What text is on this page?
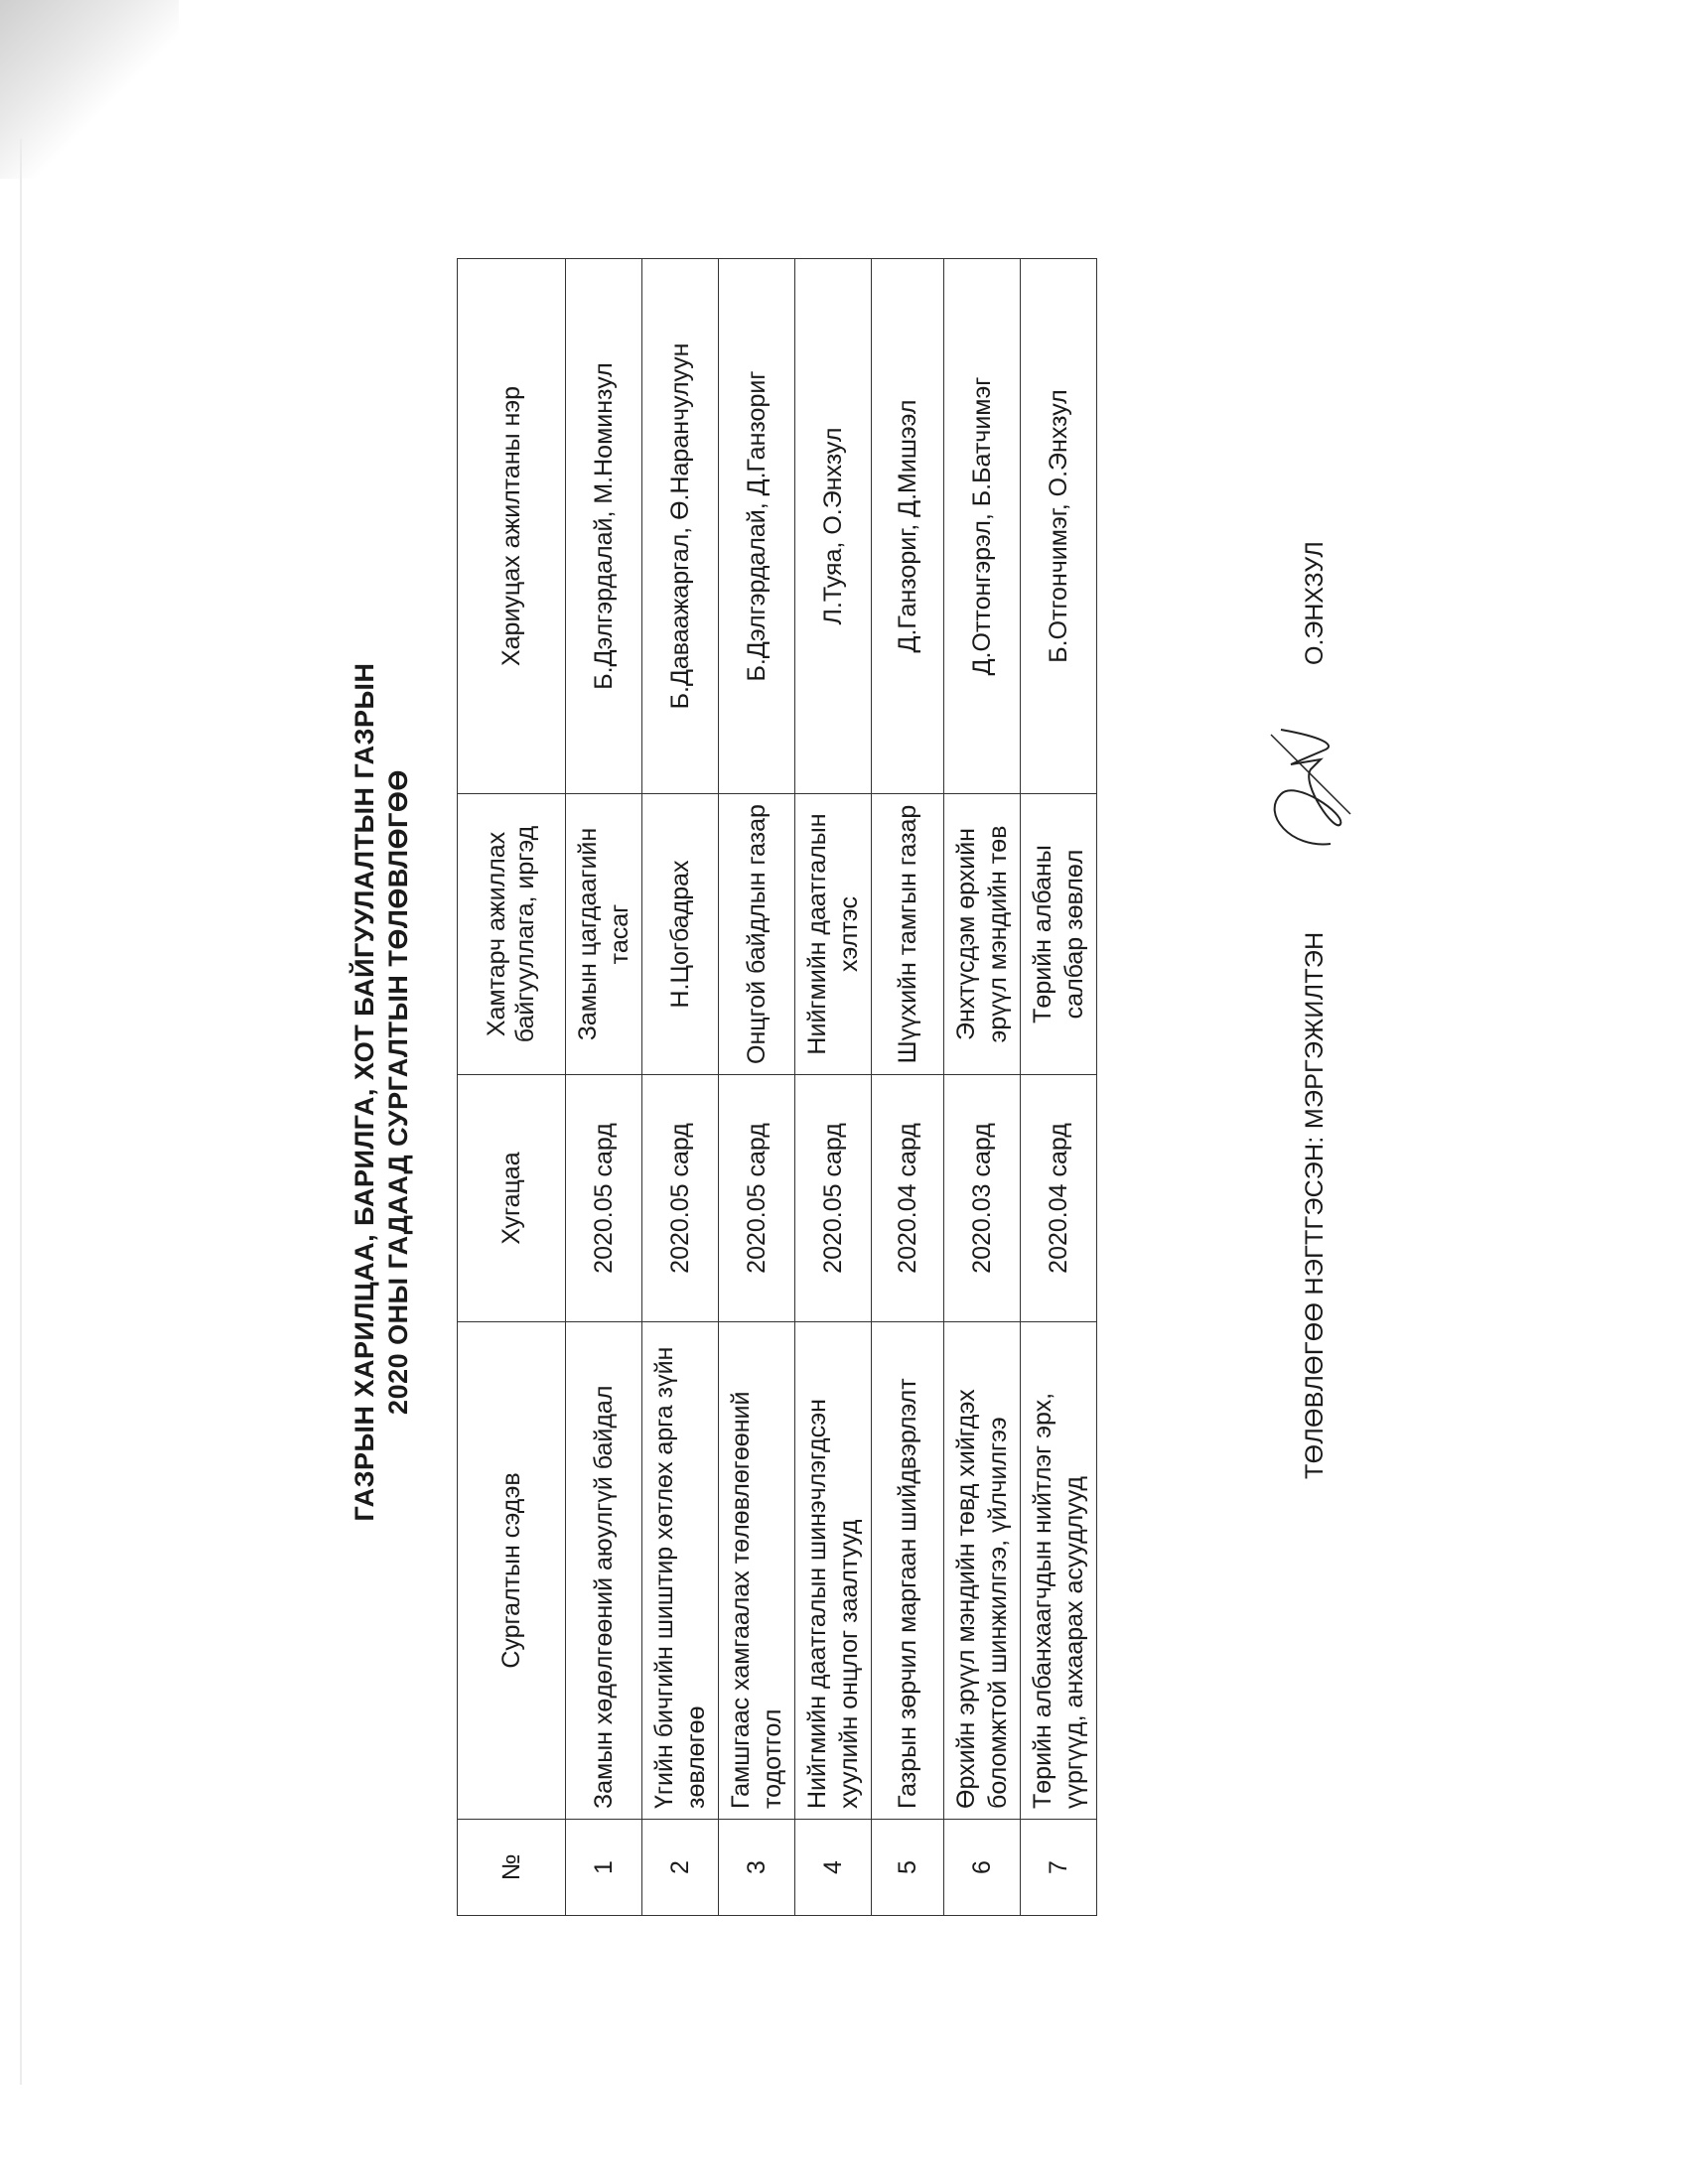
ГАЗРЫН ХАРИЛЦАА, БАРИЛГА, ХОТ БАЙГУУЛАЛТЫН ГАЗРЫН 2020 ОНЫ ГАДААД СУРГАЛТЫН ТӨЛӨВЛӨГӨӨ
№	Сургалтын сэдэв	Хугацаа	Хамтарч ажиллах байгууллага, иргэд	Хариуцах ажилтаны нэр
1	Замын хөдөлгөөний аюулгүй байдал	2020.05 сард	Замын цагдаагийн тасаг	Б.Дэлгэрдалай, М.Номинзул
2	Үгийн бичгийн шиштир хөтлөх арга зүйн зөвлөгөө	2020.05 сард	Н.Цогбадрах	Б.Даваажаргал, Ө.Наранчулуун
3	Гамшгаас хамгаалах төлөвлөгөөний тодотгол	2020.05 сард	Онцгой байдлын газар	Б.Дэлгэрдалай, Д.Ганзориг
4	Нийгмийн даатгалын шинэчлэгдсэн хуулийн онцлог заалтууд	2020.05 сард	Нийгмийн даатгалын хэлтэс	Л.Туяа, О.Энхзул
5	Газрын зөрчил маргаан шийдвэрлэлт	2020.04 сард	Шүүхийн тамгын газар	Д.Ганзориг, Д.Мишээл
6	Өрхийн эрүүл мэндийн төвд хийгдэх боломжтой шинжилгээ, үйлчилгээ	2020.03 сард	Энхтүсдэм өрхийн эрүүл мэндийн төв	Д.Оттонгэрэл, Б.Батчимэг
7	Төрийн албанхаагчдын нийтлэг эрх, үүргүүд, анхаарах асуудлууд	2020.04 сард	Төрийн албаны салбар зөвлөл	Б.Отгончимэг, О.Энхзул
ТӨЛӨВЛӨГӨӨ НЭГТГЭСЭН: МЭРГЭЖИЛТЭН
О.ЭНХЗУЛ
